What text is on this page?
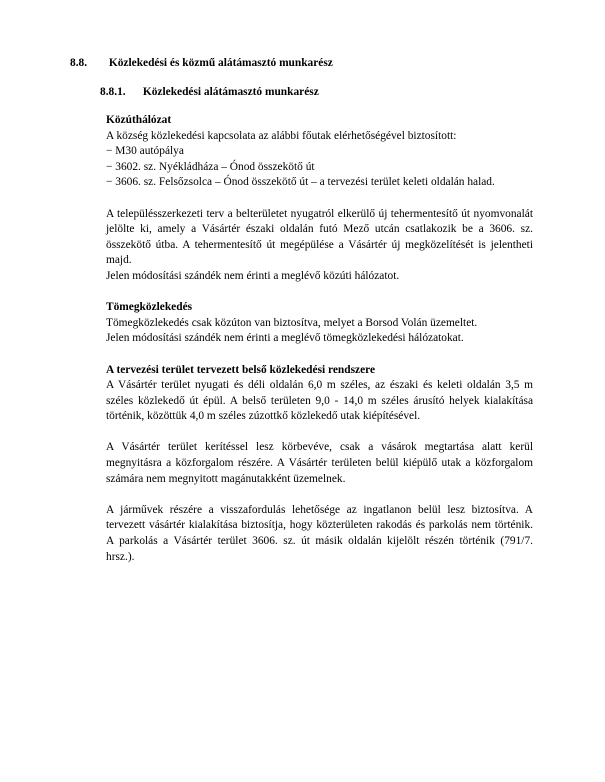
8.8. Közlekedési és közmű alátámasztó munkarész
8.8.1. Közlekedési alátámasztó munkarész
Közúthálózat
A község közlekedési kapcsolata az alábbi főutak elérhetőségével biztosított:
− M30 autópálya
− 3602. sz. Nyékládháza – Ónod összekötő út
− 3606. sz. Felsőzsolca – Ónod összekötő út – a tervezési terület keleti oldalán halad.
A településszerkezeti terv a belterületet nyugatról elkerülő új tehermentesítő út nyomvonalát
jelölte ki, amely a Vásártér északi oldalán futó Mező utcán csatlakozik be a 3606. sz.
összekötő útba. A tehermentesítő út megépülése a Vásártér új megközelítését is jelentheti
majd.
Jelen módosítási szándék nem érinti a meglévő közúti hálózatot.
Tömegközlekedés
Tömegközlekedés csak közúton van biztosítva, melyet a Borsod Volán üzemeltet.
Jelen módosítási szándék nem érinti a meglévő tömegközlekedési hálózatokat.
A tervezési terület tervezett belső közlekedési rendszere
A Vásártér terület nyugati és déli oldalán 6,0 m széles, az északi és keleti oldalán 3,5 m
széles közlekedő út épül. A belső területen 9,0 - 14,0 m széles árusító helyek kialakítása
történik, közöttük 4,0 m széles zúzottkő közlekedő utak kiépítésével.
A Vásártér terület kerítéssel lesz körbevéve, csak a vásárok megtartása alatt kerül
megnyitásra a közforgalom részére. A Vásártér területen belül kiépülő utak a közforgalom
számára nem megnyitott magánutakként üzemelnek.
A járművek részére a visszafordulás lehetősége az ingatlanon belül lesz biztosítva. A
tervezett vásártér kialakítása biztosítja, hogy közterületen rakodás és parkolás nem történik.
A parkolás a Vásártér terület 3606. sz. út másik oldalán kijelölt részén történik (791/7.
hrsz.).
